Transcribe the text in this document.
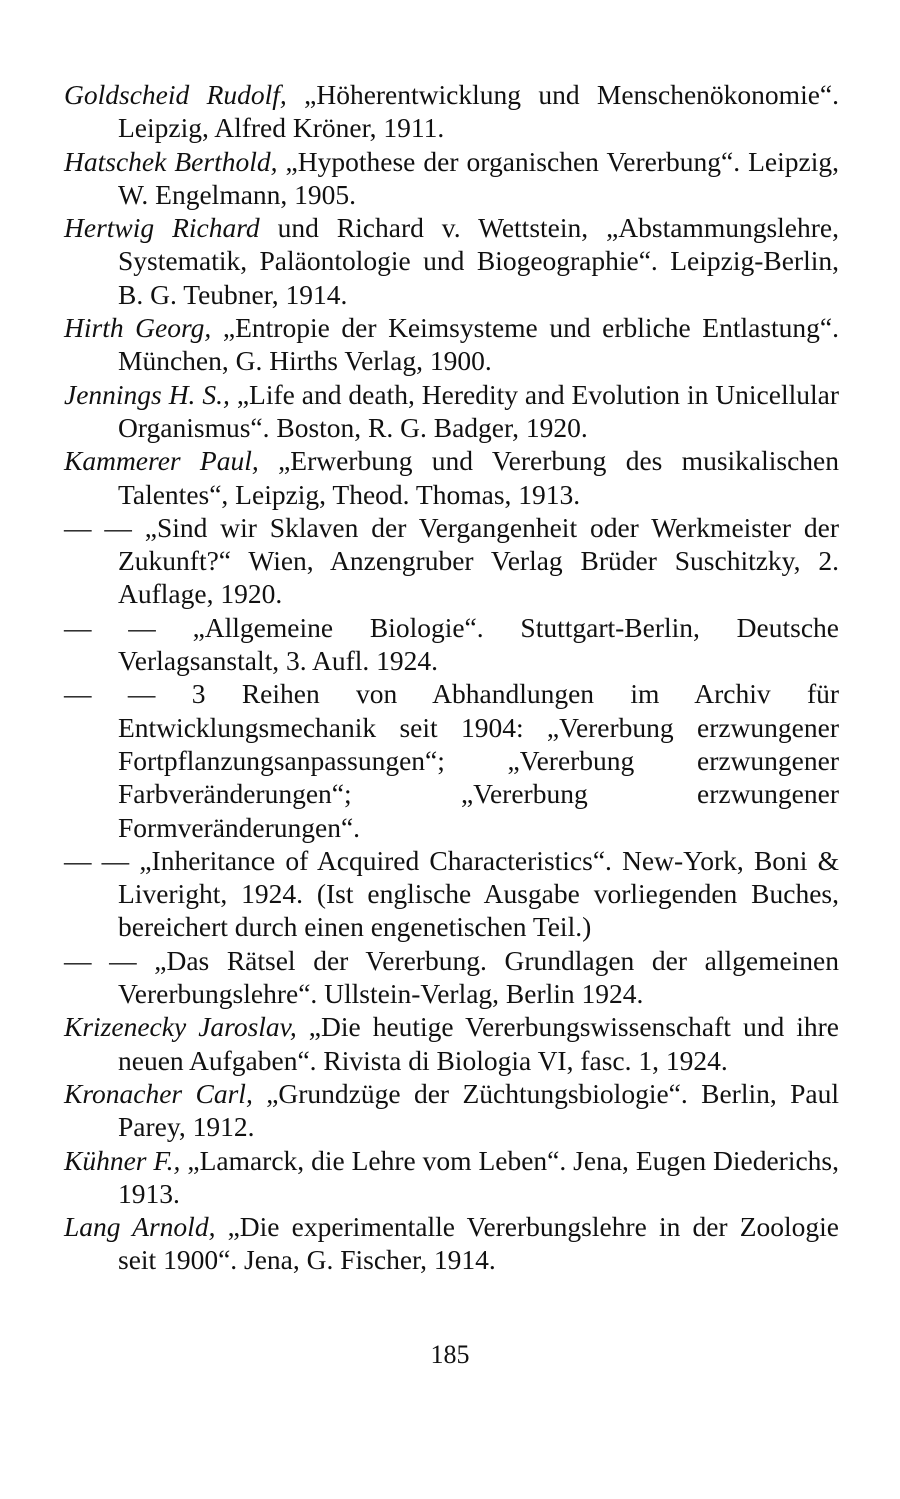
Goldscheid Rudolf, „Höherentwicklung und Menschenökonomie“. Leipzig, Alfred Kröner, 1911.

Hatschek Berthold, „Hypothese der organischen Vererbung“. Leipzig, W. Engelmann, 1905.

Hertwig Richard und Richard v. Wettstein, „Abstammungslehre, Systematik, Paläontologie und Biogeographie“. Leipzig-Berlin, B. G. Teubner, 1914.

Hirth Georg, „Entropie der Keimsysteme und erbliche Entlastung“. München, G. Hirths Verlag, 1900.

Jennings H. S., „Life and death, Heredity and Evolution in Unicellular Organismus“. Boston, R. G. Badger, 1920.

Kammerer Paul, „Erwerbung und Vererbung des musikalischen Talentes“, Leipzig, Theod. Thomas, 1913.

— — „Sind wir Sklaven der Vergangenheit oder Werkmeister der Zukunft?“ Wien, Anzengruber Verlag Brüder Suschitzky, 2. Auflage, 1920.

— — „Allgemeine Biologie“. Stuttgart-Berlin, Deutsche Verlagsanstalt, 3. Aufl. 1924.

— — 3 Reihen von Abhandlungen im Archiv für Entwicklungsmechanik seit 1904: „Vererbung erzwungener Fortpflanzungsanpassungen“; „Vererbung erzwungener Farbveränderungen“; „Vererbung erzwungener Formveränderungen“.

— — „Inheritance of Acquired Characteristics“. New-York, Boni & Liveright, 1924. (Ist englische Ausgabe vorliegenden Buches, bereichert durch einen engenetischen Teil.)

— — „Das Rätsel der Vererbung. Grundlagen der allgemeinen Vererbungslehre“. Ullstein-Verlag, Berlin 1924.

Krizenecky Jaroslav, „Die heutige Vererbungswissenschaft und ihre neuen Aufgaben“. Rivista di Biologia VI, fasc. 1, 1924.

Kronacher Carl, „Grundzüge der Züchtungsbiologie“. Berlin, Paul Parey, 1912.

Kühner F., „Lamarck, die Lehre vom Leben“. Jena, Eugen Diederichs, 1913.

Lang Arnold, „Die experimentalle Vererbungslehre in der Zoologie seit 1900“. Jena, G. Fischer, 1914.

185
